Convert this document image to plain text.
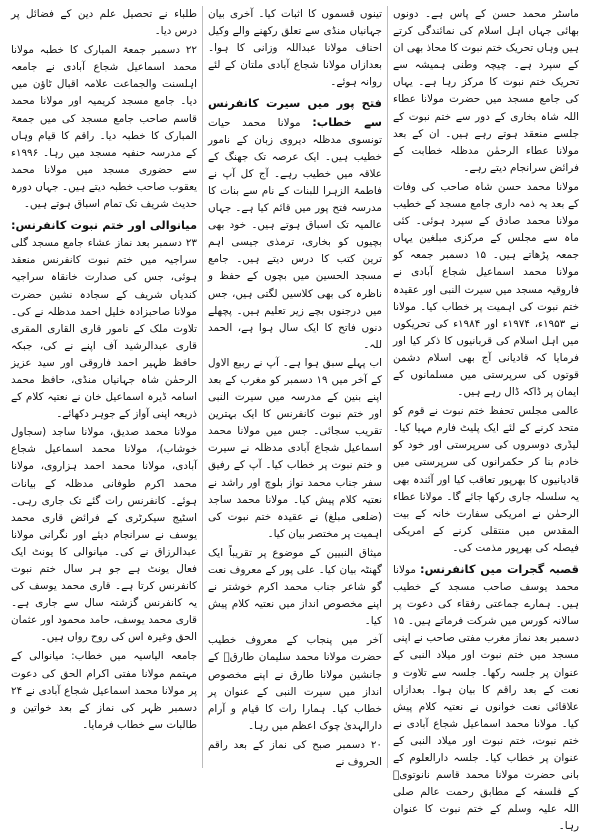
ماسٹر محمد حسن کے پاس ہے۔ دونوں بھائی جہاں اہل اسلام کی نمائندگی کرتے ہیں وہاں تحریک ختم نبوت کا محاذ بھی ان کے سپرد ہے۔ چیچہ وطنی ہمیشہ سے تحریک ختم نبوت کا مرکز رہا ہے۔ یہاں کی جامع مسجد میں حضرت مولانا عطاء اللہ شاہ بخاری کے دور سے ختم نبوت کے جلسے منعقد ہوتے رہے ہیں۔ ان کے بعد مولانا عطاء الرحمٰن مدظلہ خطابت کے فرائض سرانجام دیتے رہے۔

مولانا محمد حسن شاہ صاحب کی وفات کے بعد یہ ذمہ داری جامع مسجد کے خطیب مولانا محمد صادق کے سپرد ہوئی۔ کئی ماہ سے مجلس کے مرکزی مبلغین یہاں جمعہ پڑھاتے ہیں۔ ۱۵ دسمبر جمعہ کو مولانا محمد اسماعیل شجاع آبادی نے فاروقیہ مسجد میں سیرت النبی اور عقیدہ ختم نبوت کی اہمیت پر خطاب کیا۔ مولانا نے ۱۹۵۳ء، ۱۹۷۴ء اور ۱۹۸۴ء کی تحریکوں میں اہل اسلام کی قربانیوں کا ذکر کیا اور فرمایا کہ قادیانی آج بھی اسلام دشمن قوتوں کی سرپرستی میں مسلمانوں کے ایمان پر ڈاکہ ڈال رہے ہیں۔

عالمی مجلس تحفظ ختم نبوت نے قوم کو متحد کرنے کے لئے ایک پلیٹ فارم مہیا کیا۔ لیڈری دوسروں کی سرپرستی اور خود کو خادم بنا کر حکمرانوں کی سرپرستی میں قادیانیوں کا بھرپور تعاقب کیا اور آئندہ بھی یہ سلسلہ جاری رکھا جائے گا۔ مولانا عطاء الرحمٰن نے امریکی سفارت خانہ کے بیت المقدس میں منتقلی کرنے کے امریکی فیصلہ کی بھرپور مذمت کی۔

قصبہ گجرات میں کانفرنس: مولانا محمد یوسف صاحب مسجد کے خطیب ہیں۔ ہمارے جماعتی رفقاء کی دعوت پر سالانہ کورس میں شرکت فرماتے ہیں۔ ۱۵ دسمبر بعد نماز مغرب مفتی صاحب نے اپنی مسجد میں ختم نبوت اور میلاد النبی کے عنوان پر جلسہ رکھا۔ جلسہ سے تلاوت و نعت کے بعد راقم کا بیان ہوا۔ بعدازاں علاقائی نعت خوانوں نے نعتیہ کلام پیش کیا۔ مولانا محمد اسماعیل شجاع آبادی نے ختم نبوت، ختم نبوت اور میلاد النبی کے عنوان پر خطاب کیا۔ جلسہ دارالعلوم کے بانی حضرت مولانا محمد قاسم نانوتویؒ کے فلسفہ کے مطابق رحمت عالم صلی اللہ علیہ وسلم کے ختم نبوت کا عنوان رہا۔

تینوں قسموں کا اثبات کیا۔ آخری بیان جہانیاں منڈی سے تعلق رکھنے والے وکیل احناف مولانا عبداللہ وزانی کا ہوا۔ بعدازاں مولانا شجاع آبادی ملتان کے لئے روانہ ہوئے۔

فتح پور میں سیرت کانفرنس سے خطاب: مولانا محمد حیات تونسوی مدظلہ دیروی زبان کے نامور خطیب ہیں۔ ایک عرصہ تک جھنگ کے علاقہ میں خطیب رہے۔ آج کل آپ نے فاطمۃ الزہرا للبنات کے نام سے بنات کا مدرسہ فتح پور میں قائم کیا ہے۔ جہاں عالمیہ تک اسباق ہوتے ہیں۔ خود بھی بچیوں کو بخاری، ترمذی جیسی اہم ترین کتب کا درس دیتے ہیں۔ جامع مسجد الحسین میں بچوں کے حفظ و ناظرہ کی بھی کلاسیں لگتی ہیں، جس میں درجنوں بچے زیر تعلیم ہیں۔ پچھلے دنوں فاتح کا ایک سال ہوا ہے، الحمد للہ۔

اب پہلے سبق ہوا ہے۔ آپ نے ربیع الاول کے آخر میں ۱۹ دسمبر کو مغرب کے بعد اپنے بنین کے مدرسہ میں سیرت النبی اور ختم نبوت کانفرنس کا ایک بہترین تقریب سجائی۔ جس میں مولانا محمد اسماعیل شجاع آبادی مدظلہ نے سیرت و ختم نبوت پر خطاب کیا۔ آپ کے رفیق سفر جناب محمد نواز بلوچ اور راشد نے نعتیہ کلام پیش کیا۔ مولانا محمد ساجد (ضلعی مبلغ) نے عقیدہ ختم نبوت کی اہمیت پر مختصر بیان کیا۔

میثاق النبیین کے موضوع پر تقریباً ایک گھنٹہ بیان کیا۔ علی پور کے معروف نعت گو شاعر جناب محمد اکرم خوشتر نے اپنے مخصوص انداز میں نعتیہ کلام پیش کیا۔

آخر میں پنجاب کے معروف خطیب حضرت مولانا محمد سلیمان طارقؒ کے جانشین مولانا طارق نے اپنے مخصوص انداز میں سیرت النبی کے عنوان پر خطاب کیا۔ ہمارا رات کا قیام و آرام دارالہدیٰ چوک اعظم میں رہا۔

۲۰ دسمبر صبح کی نماز کے بعد راقم الحروف نے

طلباء نے تحصیل علم دین کے فضائل پر درس دیا۔

۲۲ دسمبر جمعۃ المبارک کا خطبہ مولانا محمد اسماعیل شجاع آبادی نے جامعہ اہلسنت والجماعت علامہ اقبال ٹاؤن میں دیا۔ جامع مسجد کریمیہ اور مولانا محمد قاسم صاحب جامع مسجد کی میں جمعۃ المبارک کا خطبہ دیا۔ راقم کا قیام وہاں کے مدرسہ حنفیہ مسجد میں رہا۔ ۱۹۹۶ء سے حضوری مسجد میں مولانا محمد یعقوب صاحب خطبہ دیتے ہیں۔ جہاں دورہ حدیث شریف تک تمام اسباق ہوتے ہیں۔

میانوالی اور ختم نبوت کانفرنس: ۲۳ دسمبر بعد نماز عشاء جامع مسجد گلی سراجیہ میں ختم نبوت کانفرنس منعقد ہوئی، جس کی صدارت خانقاہ سراجیہ کندیاں شریف کے سجادہ نشین حضرت مولانا صاحبزادہ خلیل احمد مدظلہ نے کی۔ تلاوت ملک کے نامور قاری القاری المقری قاری عبدالرشید آف اپنے نے کی، جبکہ حافظ ظہیر احمد فاروقی اور سید عزیز الرحمٰن شاہ جہانیاں منڈی، حافظ محمد اسامہ ڈیرہ اسماعیل خان نے نعتیہ کلام کے ذریعہ اپنی آواز کے جوہر دکھائے۔

مولانا محمد صدیق، مولانا ساجد (سجاول خوشاب)، مولانا محمد اسماعیل شجاع آبادی، مولانا محمد احمد ہزاروی، مولانا محمد اکرم طوفانی مدظلہ کے بیانات ہوئے۔ کانفرنس رات گئے تک جاری رہی۔ اسٹیج سیکرٹری کے فرائض قاری محمد یوسف نے سرانجام دیئے اور نگرانی مولانا عبدالرزاق نے کی۔ میانوالی کا یونٹ ایک فعال یونٹ ہے جو ہر سال ختم نبوت کانفرنس کرتا ہے۔ قاری محمد یوسف کی یہ کانفرنس گزشتہ سال سے جاری ہے۔ قاری محمد یوسف، حامد محمود اور عثمان الحق وغیرہ اس کی روح رواں ہیں۔

جامعہ الیاسیہ میں خطاب: میانوالی کے مہتمم مولانا مفتی اکرام الحق کی دعوت پر مولانا محمد اسماعیل شجاع آبادی نے ۲۴ دسمبر ظہر کی نماز کے بعد خواتین و طالبات سے خطاب فرمایا۔
